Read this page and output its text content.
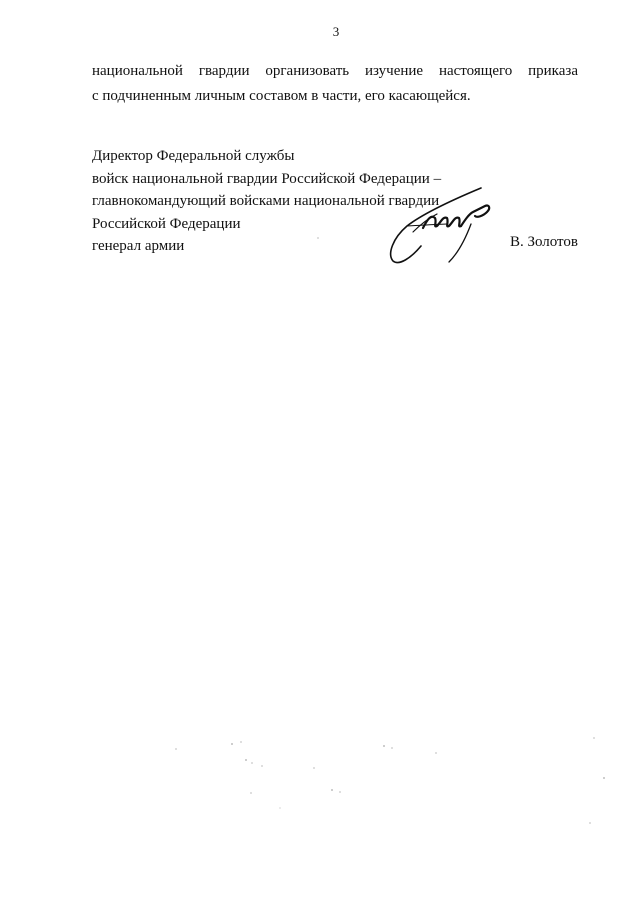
3
национальной гвардии организовать изучение настоящего приказа
с подчиненным личным составом в части, его касающейся.
Директор Федеральной службы
войск национальной гвардии Российской Федерации –
главнокомандующий войсками национальной гвардии
Российской Федерации
генерал армии	В. Золотов
